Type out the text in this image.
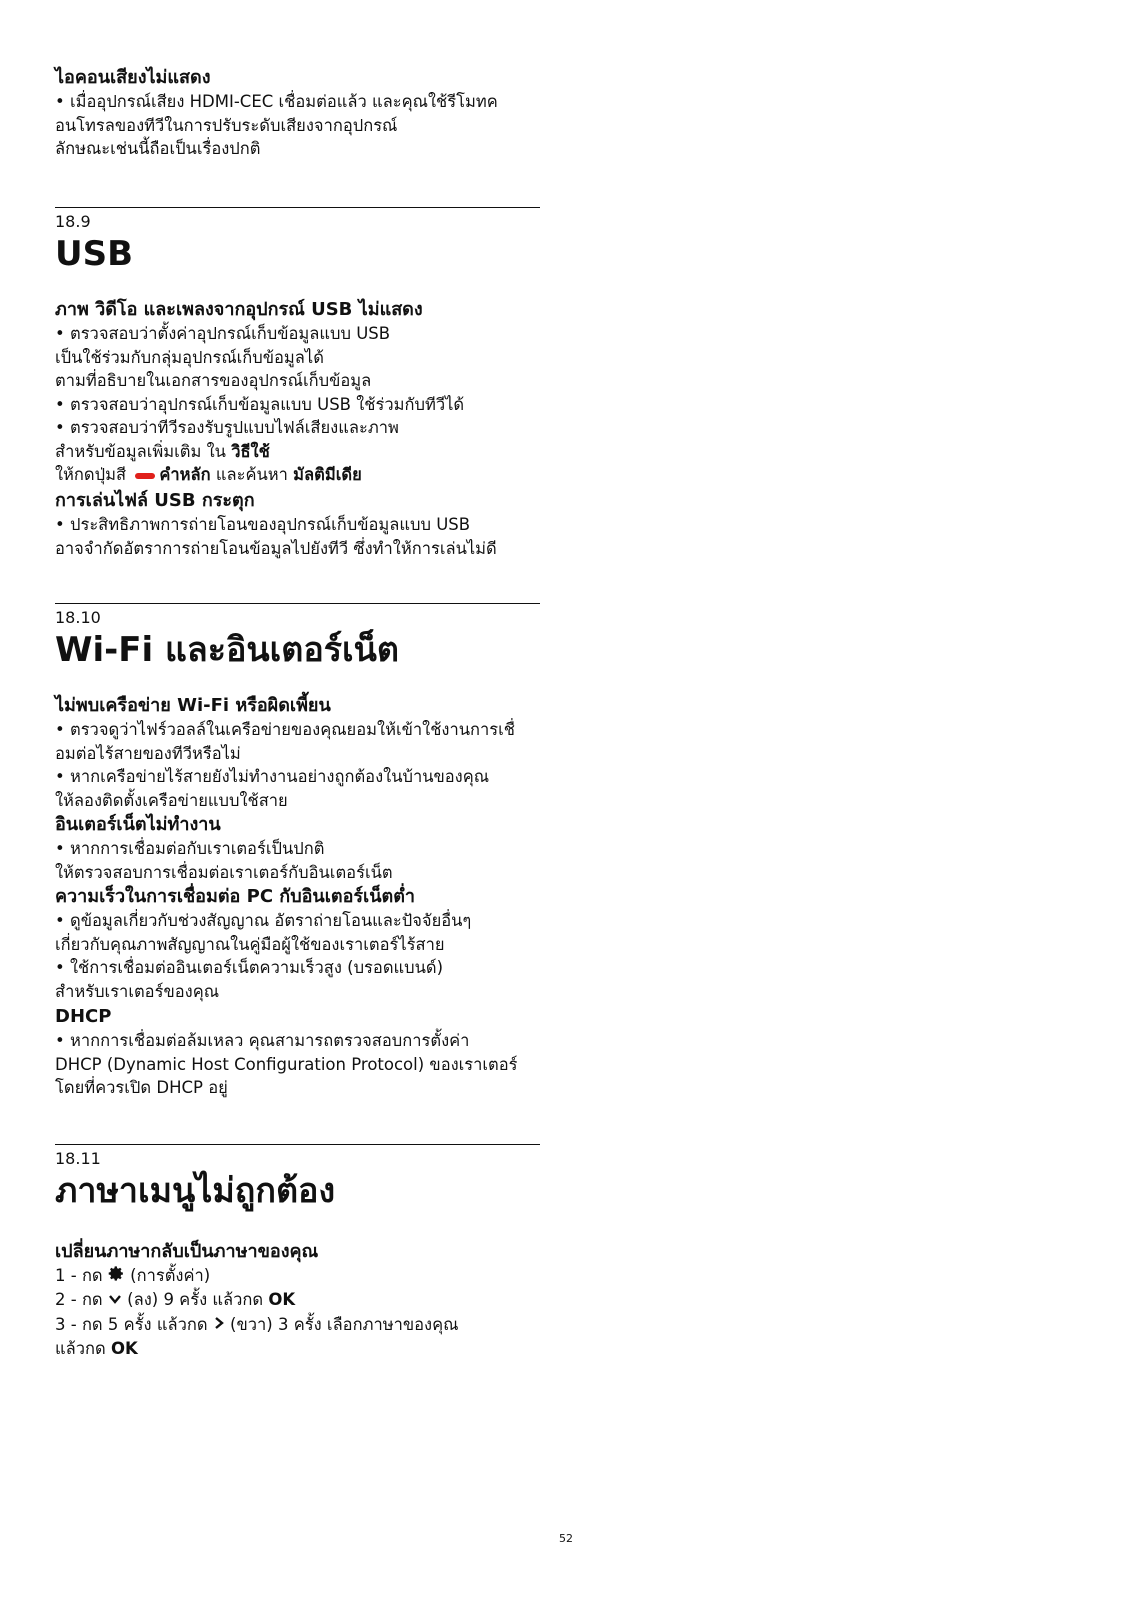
ไอคอนเสียงไม่แสดง

• เมื่ออุปกรณ์เสียง HDMI-CEC เชื่อมต่อแล้ว และคุณใช้รีโมทค

อนโทรลของทีวีในการปรับระดับเสียงจากอุปกรณ์

ลักษณะเช่นนี้ถือเป็นเรื่องปกติ

18.9

USB

ภาพ วิดีโอ และเพลงจากอุปกรณ์ USB ไม่แสดง

• ตรวจสอบว่าตั้งค่าอุปกรณ์เก็บข้อมูลแบบ USB

เป็นใช้ร่วมกับกลุ่มอุปกรณ์เก็บข้อมูลได้

ตามที่อธิบายในเอกสารของอุปกรณ์เก็บข้อมูล

• ตรวจสอบว่าอุปกรณ์เก็บข้อมูลแบบ USB ใช้ร่วมกับทีวีได้

• ตรวจสอบว่าทีวีรองรับรูปแบบไฟล์เสียงและภาพ

สำหรับข้อมูลเพิ่มเติม ใน วิธีใช้

ให้กดปุ่มสี คำหลัก และค้นหา มัลติมีเดีย

การเล่นไฟล์ USB กระตุก

• ประสิทธิภาพการถ่ายโอนของอุปกรณ์เก็บข้อมูลแบบ USB

อาจจำกัดอัตราการถ่ายโอนข้อมูลไปยังทีวี ซึ่งทำให้การเล่นไม่ดี

18.10

Wi-Fi และอินเตอร์เน็ต

ไม่พบเครือข่าย Wi-Fi หรือผิดเพี้ยน

• ตรวจดูว่าไฟร์วอลล์ในเครือข่ายของคุณยอมให้เข้าใช้งานการเชื่

อมต่อไร้สายของทีวีหรือไม่

• หากเครือข่ายไร้สายยังไม่ทำงานอย่างถูกต้องในบ้านของคุณ

ให้ลองติดตั้งเครือข่ายแบบใช้สาย

อินเตอร์เน็ตไม่ทำงาน

• หากการเชื่อมต่อกับเราเตอร์เป็นปกติ

ให้ตรวจสอบการเชื่อมต่อเราเตอร์กับอินเตอร์เน็ต

ความเร็วในการเชื่อมต่อ PC กับอินเตอร์เน็ตต่ำ

• ดูข้อมูลเกี่ยวกับช่วงสัญญาณ อัตราถ่ายโอนและปัจจัยอื่นๆ

เกี่ยวกับคุณภาพสัญญาณในคู่มือผู้ใช้ของเราเตอร์ไร้สาย

• ใช้การเชื่อมต่ออินเตอร์เน็ตความเร็วสูง (บรอดแบนด์)

สำหรับเราเตอร์ของคุณ

DHCP

• หากการเชื่อมต่อล้มเหลว คุณสามารถตรวจสอบการตั้งค่า

DHCP (Dynamic Host Configuration Protocol) ของเราเตอร์

โดยที่ควรเปิด DHCP อยู่

18.11

ภาษาเมนูไม่ถูกต้อง

เปลี่ยนภาษากลับเป็นภาษาของคุณ

1 - กด  (การตั้งค่า)

2 - กด  (ลง) 9 ครั้ง แล้วกด OK

3 - กด 5 ครั้ง แล้วกด  (ขวา) 3 ครั้ง เลือกภาษาของคุณ

แล้วกด OK

52
